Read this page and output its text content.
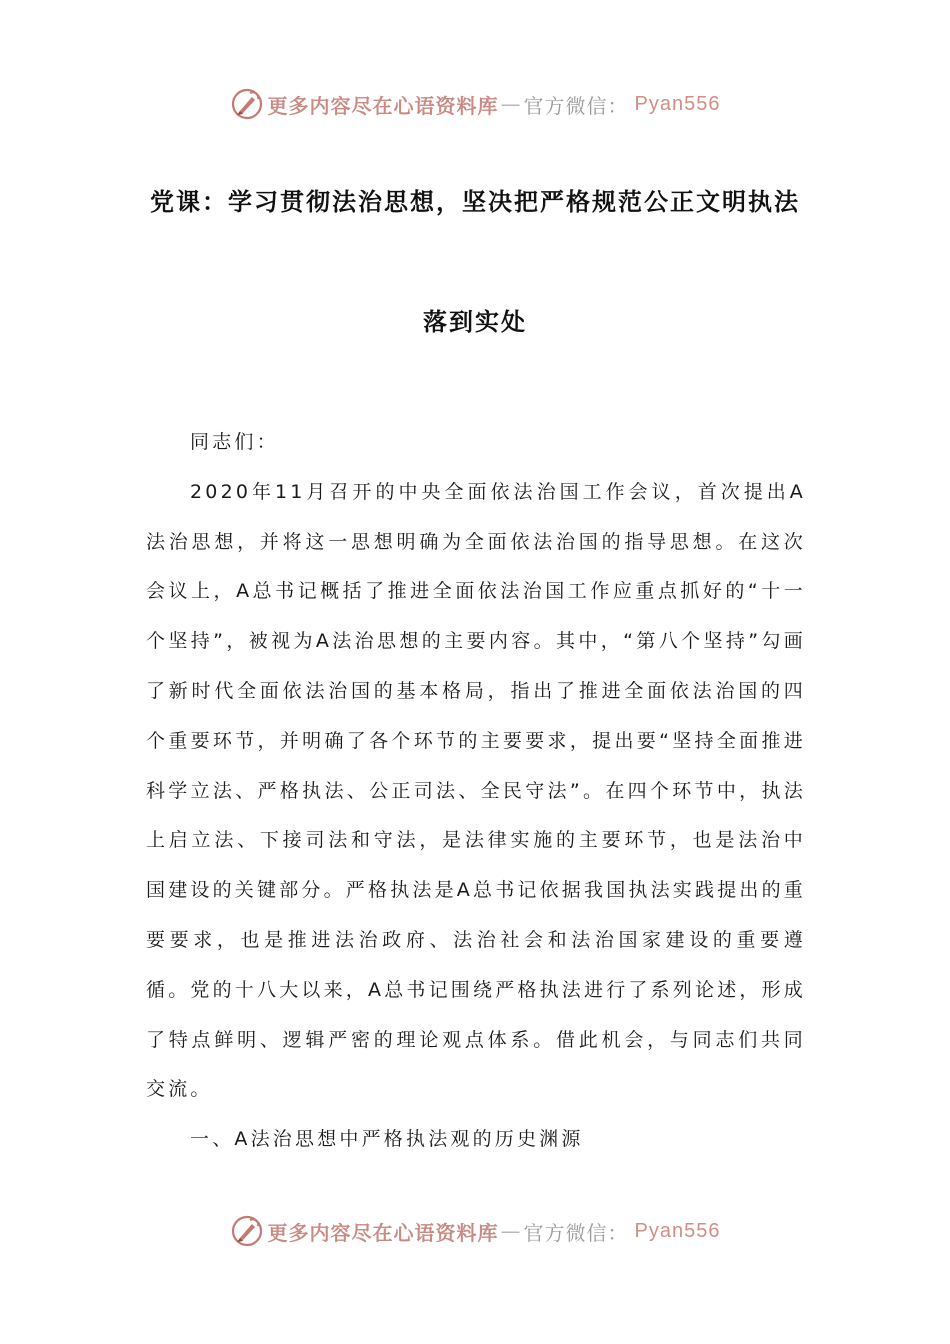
更多内容尽在心语资料库 — 官方微信： Pyan556
党课：学习贯彻法治思想，坚决把严格规范公正文明执法
落到实处

同志们：

2020年11月召开的中央全面依法治国工作会议，首次提出A法治思想，并将这一思想明确为全面依法治国的指导思想。在这次会议上，A总书记概括了推进全面依法治国工作应重点抓好的“十一个坚持”，被视为A法治思想的主要内容。其中，“第八个坚持”勾画了新时代全面依法治国的基本格局，指出了推进全面依法治国的四个重要环节，并明确了各个环节的主要要求，提出要“坚持全面推进科学立法、严格执法、公正司法、全民守法”。在四个环节中，执法上启立法、下接司法和守法，是法律实施的主要环节，也是法治中国建设的关键部分。严格执法是A总书记依据我国执法实践提出的重要要求，也是推进法治政府、法治社会和法治国家建设的重要遵循。党的十八大以来，A总书记围绕严格执法进行了系列论述，形成了特点鲜明、逻辑严密的理论观点体系。借此机会，与同志们共同交流。

一、A法治思想中严格执法观的历史渊源

更多内容尽在心语资料库 — 官方微信： Pyan556
